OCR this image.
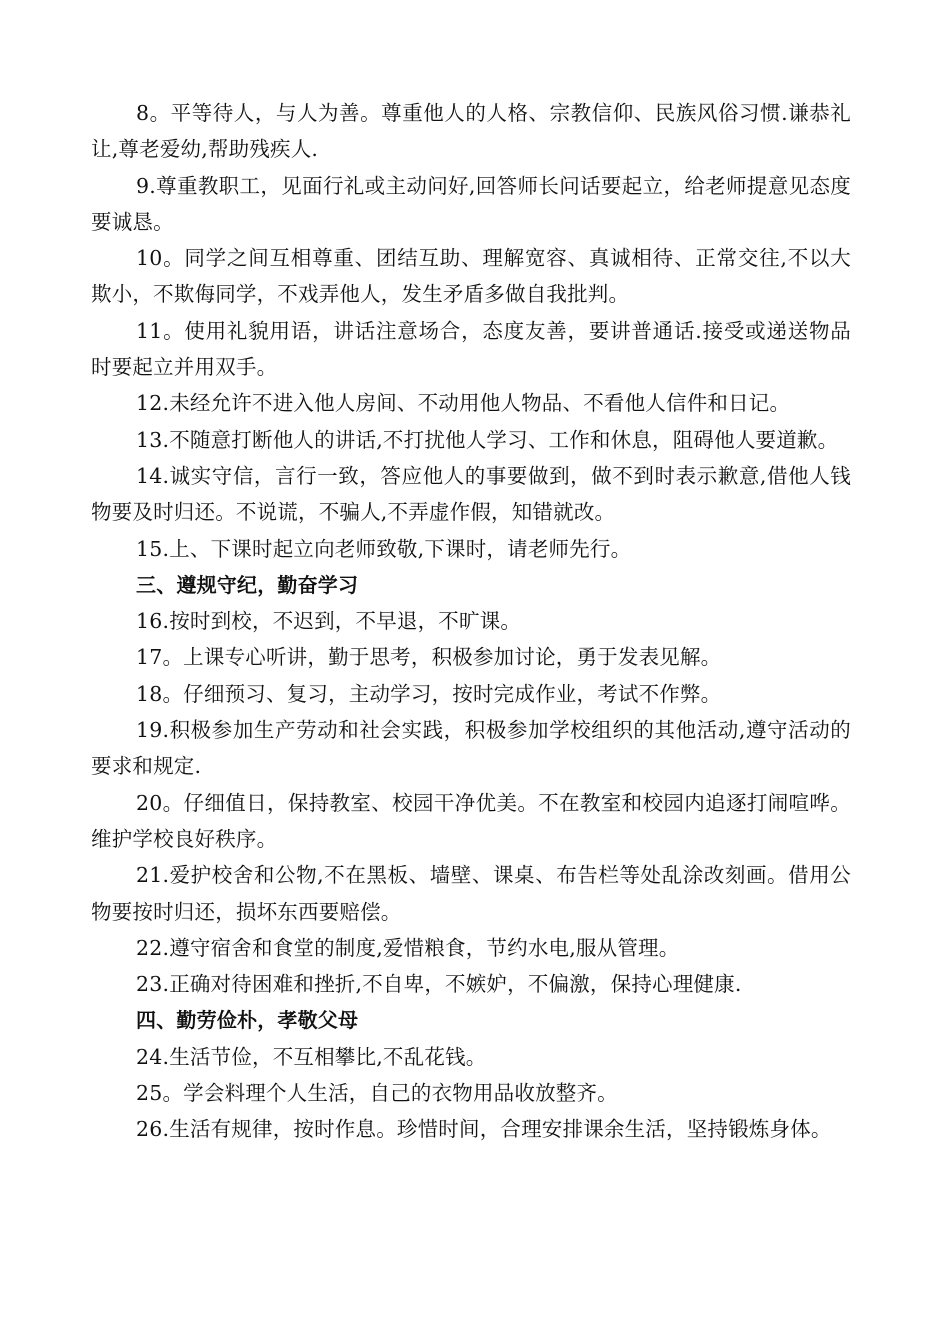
8。平等待人，与人为善。尊重他人的人格、宗教信仰、民族风俗习惯.谦恭礼让,尊老爱幼,帮助残疾人.

9.尊重教职工，见面行礼或主动问好,回答师长问话要起立，给老师提意见态度要诚恳。

10。同学之间互相尊重、团结互助、理解宽容、真诚相待、正常交往,不以大欺小，不欺侮同学，不戏弄他人，发生矛盾多做自我批判。

11。使用礼貌用语，讲话注意场合，态度友善，要讲普通话.接受或递送物品时要起立并用双手。

12.未经允许不进入他人房间、不动用他人物品、不看他人信件和日记。

13.不随意打断他人的讲话,不打扰他人学习、工作和休息，阻碍他人要道歉。

14.诚实守信，言行一致，答应他人的事要做到，做不到时表示歉意,借他人钱物要及时归还。不说谎，不骗人,不弄虚作假，知错就改。

15.上、下课时起立向老师致敬,下课时，请老师先行。

三、遵规守纪，勤奋学习

16.按时到校，不迟到，不早退，不旷课。

17。上课专心听讲，勤于思考，积极参加讨论，勇于发表见解。

18。仔细预习、复习，主动学习，按时完成作业，考试不作弊。

19.积极参加生产劳动和社会实践，积极参加学校组织的其他活动,遵守活动的要求和规定.

20。仔细值日，保持教室、校园干净优美。不在教室和校园内追逐打闹喧哗。维护学校良好秩序。

21.爱护校舍和公物,不在黑板、墙壁、课桌、布告栏等处乱涂改刻画。借用公物要按时归还，损坏东西要赔偿。

22.遵守宿舍和食堂的制度,爱惜粮食，节约水电,服从管理。

23.正确对待困难和挫折,不自卑，不嫉妒，不偏激，保持心理健康.

四、勤劳俭朴，孝敬父母

24.生活节俭，不互相攀比,不乱花钱。

25。学会料理个人生活，自己的衣物用品收放整齐。

26.生活有规律，按时作息。珍惜时间，合理安排课余生活，坚持锻炼身体。
